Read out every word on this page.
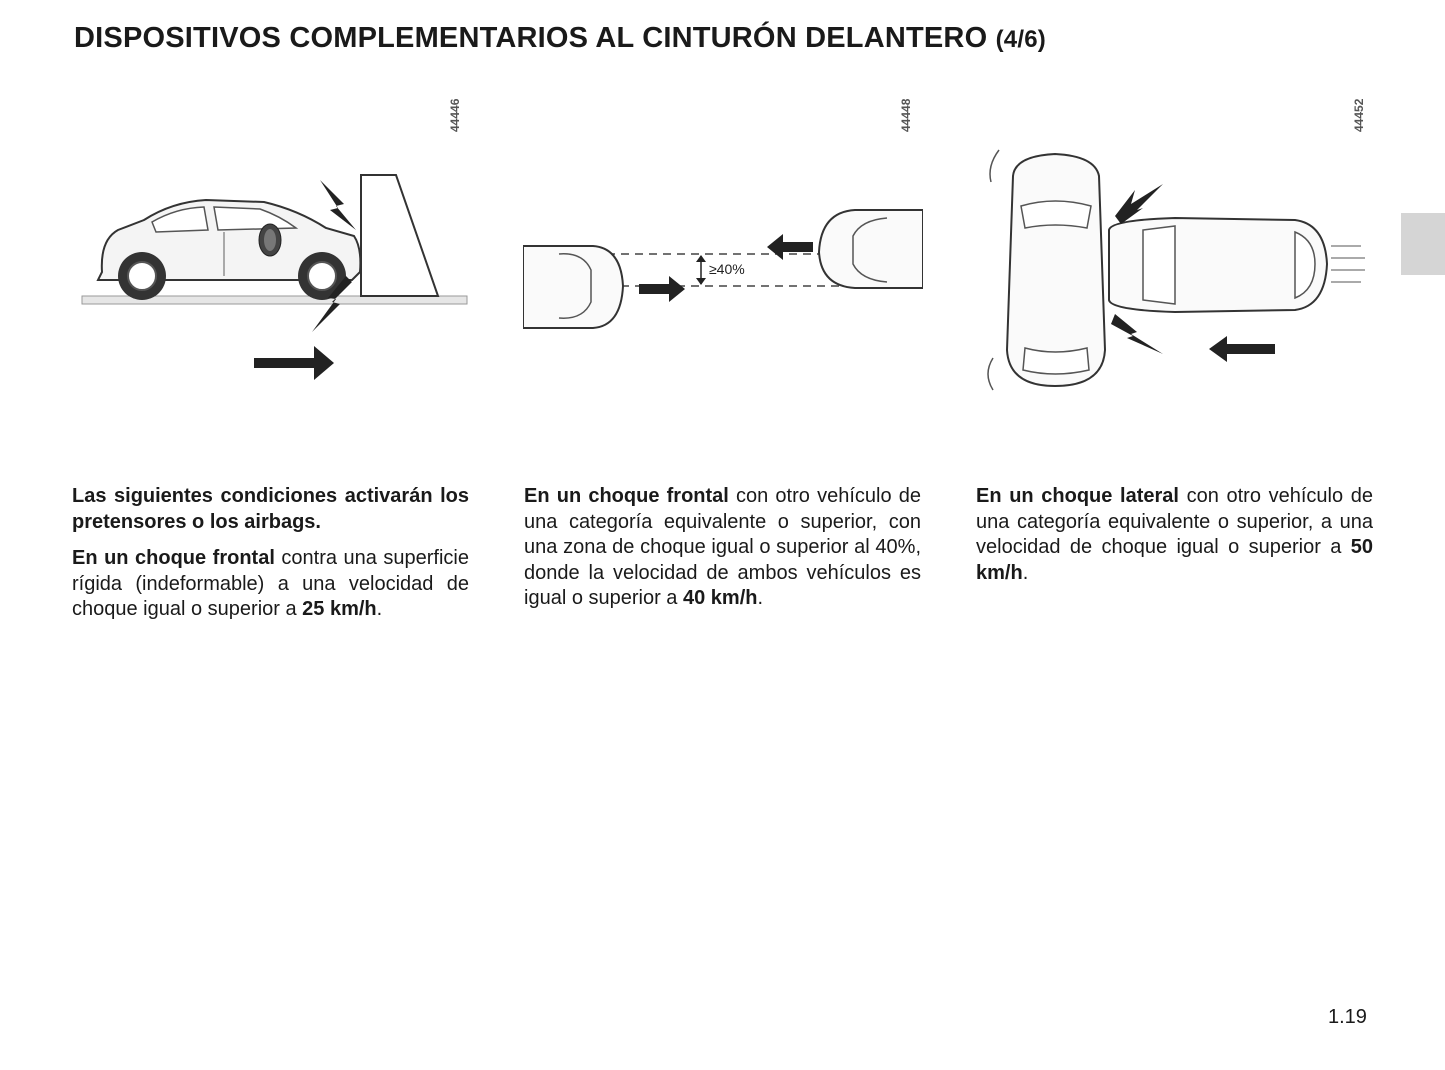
DISPOSITIVOS COMPLEMENTARIOS AL CINTURÓN DELANTERO (4/6)
44446
≥40%
44448	44452

Las siguientes condiciones activarán los pretensores o los airbags.

En un choque frontal contra una superficie rígida (indeformable) a una velocidad de choque igual o superior a 25 km/h.

En un choque frontal con otro vehículo de una categoría equivalente o superior, con una zona de choque igual o superior al 40%, donde la velocidad de ambos vehículos es igual o superior a 40 km/h.

En un choque lateral con otro vehículo de una categoría equivalente o superior, a una velocidad de choque igual o superior a 50 km/h.

1.19
